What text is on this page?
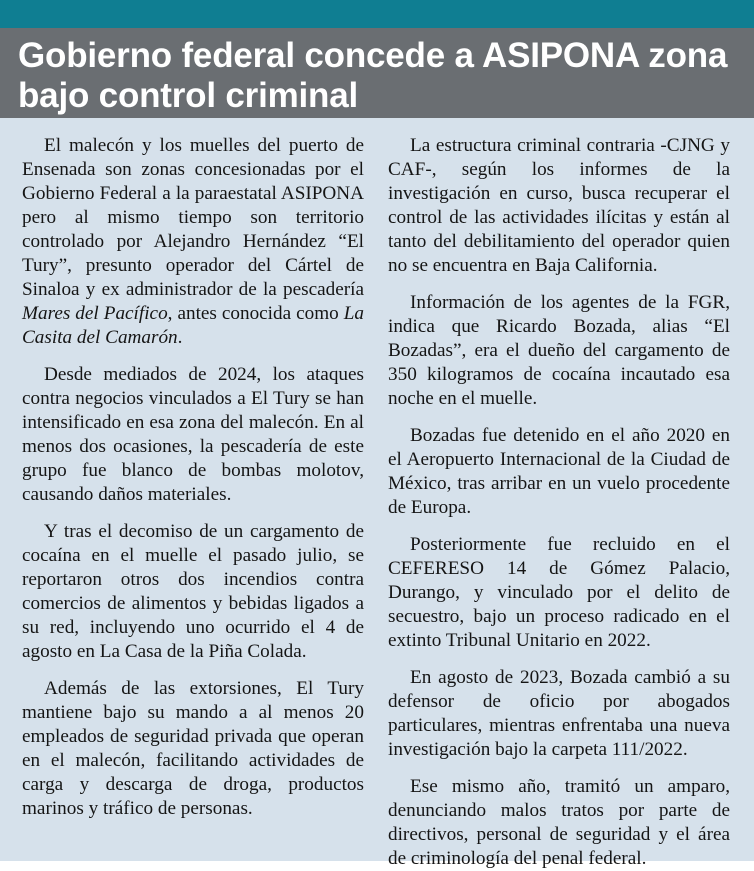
Gobierno federal concede a ASIPONA zona bajo control criminal

El malecón y los muelles del puerto de Ensenada son zonas concesionadas por el Gobierno Federal a la paraestatal ASIPONA pero al mismo tiempo son territorio controlado por Alejandro Hernández “El Tury”, presunto operador del Cártel de Sinaloa y ex administrador de la pescadería Mares del Pacífico, antes conocida como La Casita del Camarón.

Desde mediados de 2024, los ataques contra negocios vinculados a El Tury se han intensificado en esa zona del malecón. En al menos dos ocasiones, la pescadería de este grupo fue blanco de bombas molotov, causando daños materiales.

Y tras el decomiso de un cargamento de cocaína en el muelle el pasado julio, se reportaron otros dos incendios contra comercios de alimentos y bebidas ligados a su red, incluyendo uno ocurrido el 4 de agosto en La Casa de la Piña Colada.

Además de las extorsiones, El Tury mantiene bajo su mando a al menos 20 empleados de seguridad privada que operan en el malecón, facilitando actividades de carga y descarga de droga, productos marinos y tráfico de personas.

La estructura criminal contraria -CJNG y CAF-, según los informes de la investigación en curso, busca recuperar el control de las actividades ilícitas y están al tanto del debilitamiento del operador quien no se encuentra en Baja California.

Información de los agentes de la FGR, indica que Ricardo Bozada, alias “El Bozadas”, era el dueño del cargamento de 350 kilogramos de cocaína incautado esa noche en el muelle.

Bozadas fue detenido en el año 2020 en el Aeropuerto Internacional de la Ciudad de México, tras arribar en un vuelo procedente de Europa.

Posteriormente fue recluido en el CEFERESO 14 de Gómez Palacio, Durango, y vinculado por el delito de secuestro, bajo un proceso radicado en el extinto Tribunal Unitario en 2022.

En agosto de 2023, Bozada cambió a su defensor de oficio por abogados particulares, mientras enfrentaba una nueva investigación bajo la carpeta 111/2022.

Ese mismo año, tramitó un amparo, denunciando malos tratos por parte de directivos, personal de seguridad y el área de criminología del penal federal.
